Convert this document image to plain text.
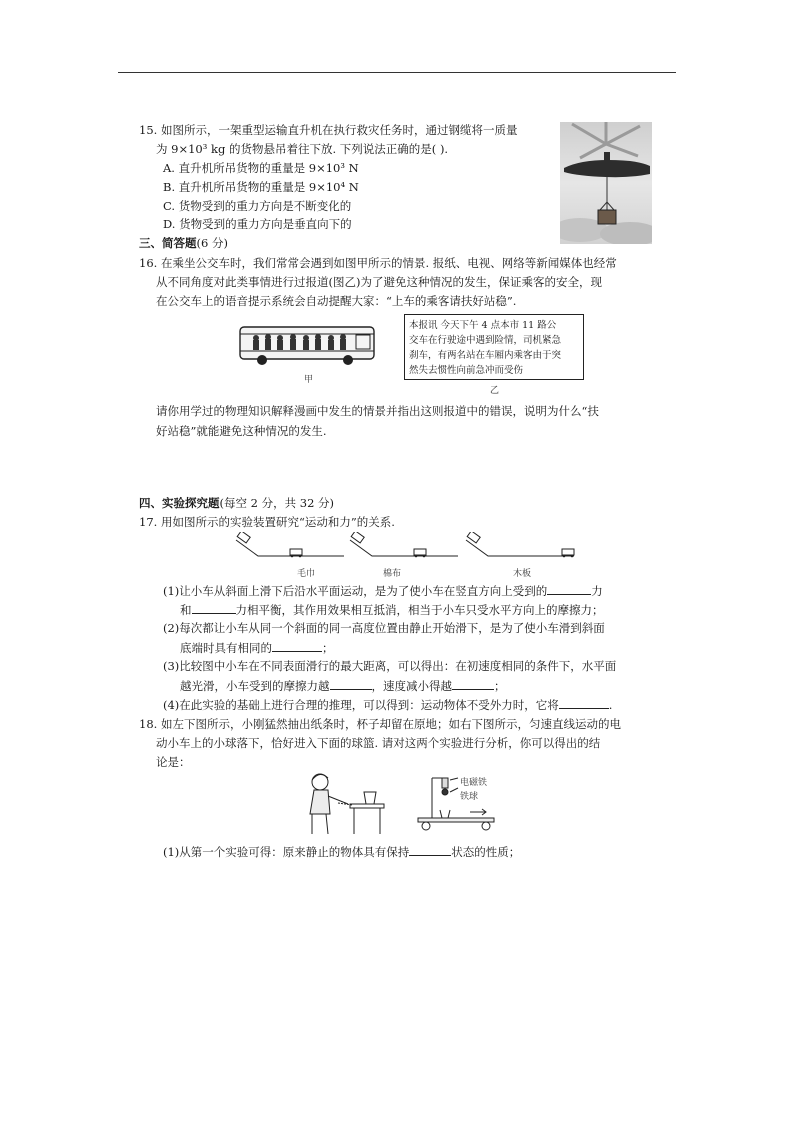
15. 如图所示，一架重型运输直升机在执行救灾任务时，通过钢缆将一质量
为 9×10³ kg 的货物悬吊着往下放. 下列说法正确的是( ).
A. 直升机所吊货物的重量是 9×10³ N
B. 直升机所吊货物的重量是 9×10⁴ N
C. 货物受到的重力方向是不断变化的
D. 货物受到的重力方向是垂直向下的
三、简答题(6 分)
16. 在乘坐公交车时，我们常常会遇到如图甲所示的情景. 报纸、电视、网络等新闻媒体也经常
从不同角度对此类事情进行过报道(图乙)为了避免这种情况的发生，保证乘客的安全，现
在公交车上的语音提示系统会自动提醒大家：“上车的乘客请扶好站稳”.
甲
本报讯 今天下午 4 点本市 11 路公
交车在行驶途中遇到险情，司机紧急
刹车，有两名站在车厢内乘客由于突
然失去惯性向前急冲而受伤
乙
请你用学过的物理知识解释漫画中发生的情景并指出这则报道中的错误，说明为什么“扶
好站稳”就能避免这种情况的发生.
四、实验探究题(每空 2 分，共 32 分)
17. 用如图所示的实验装置研究“运动和力”的关系.
毛巾	棉布	木板
(1)让小车从斜面上滑下后沿水平面运动，是为了使小车在竖直方向上受到的	力
和	力相平衡，其作用效果相互抵消，相当于小车只受水平方向上的摩擦力；
(2)每次都让小车从同一个斜面的同一高度位置由静止开始滑下，是为了使小车滑到斜面
底端时具有相同的	；
(3)比较图中小车在不同表面滑行的最大距离，可以得出：在初速度相同的条件下，水平面
越光滑，小车受到的摩擦力越	，速度减小得越	；
(4)在此实验的基础上进行合理的推理，可以得到：运动物体不受外力时，它将	.
18. 如左下图所示，小刚猛然抽出纸条时，杯子却留在原地；如右下图所示，匀速直线运动的电
动小车上的小球落下，恰好进入下面的球篮. 请对这两个实验进行分析，你可以得出的结
论是：
电磁铁
铁球
(1)从第一个实验可得：原来静止的物体具有保持	状态的性质；
